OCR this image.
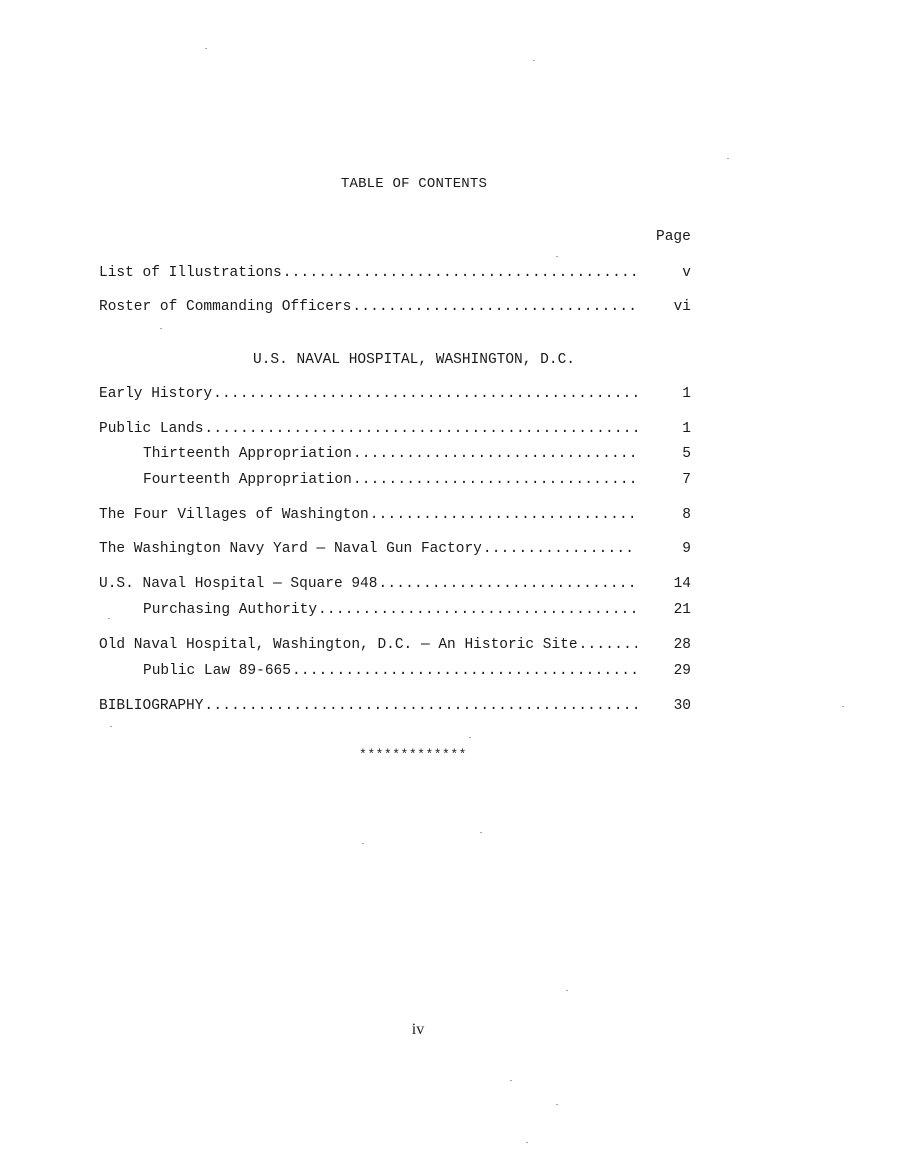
TABLE OF CONTENTS
Page
List of Illustrations .....	v
Roster of Commanding Officers .....	vi
U.S. NAVAL HOSPITAL, WASHINGTON, D.C.
Early History .....	1
Public Lands .....	1
Thirteenth Appropriation .....	5
Fourteenth Appropriation .....	7
The Four Villages of Washington .....	8
The Washington Navy Yard — Naval Gun Factory .....	9
U.S. Naval Hospital — Square 948 .....	14
Purchasing Authority .....	21
Old Naval Hospital, Washington, D.C. — An Historic Site .....	28
Public Law 89-665 .....	29
BIBLIOGRAPHY .....	30
*************
iv
